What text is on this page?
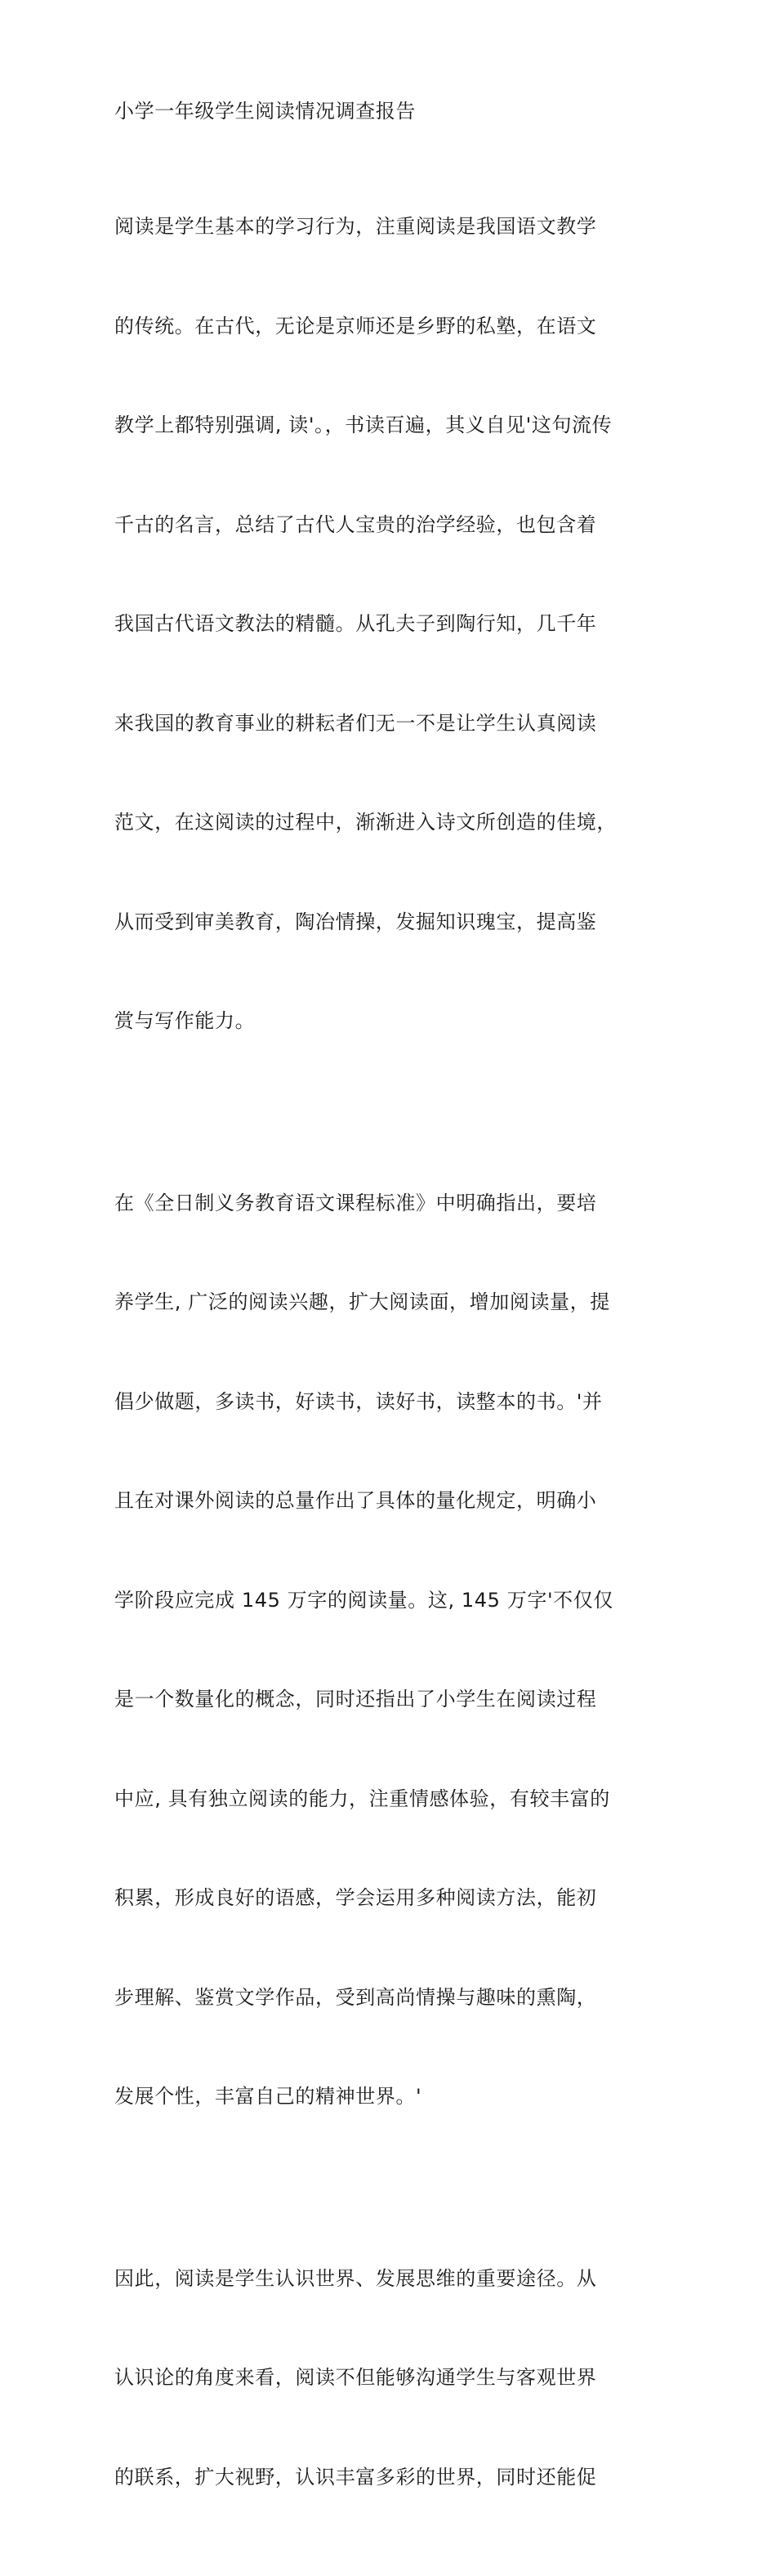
小学一年级学生阅读情况调查报告

阅读是学生基本的学习行为，注重阅读是我国语文教学

的传统。在古代，无论是京师还是乡野的私塾，在语文

教学上都特别强调, 读'。，书读百遍，其义自见'这句流传

千古的名言，总结了古代人宝贵的治学经验，也包含着

我国古代语文教法的精髓。从孔夫子到陶行知，几千年

来我国的教育事业的耕耘者们无一不是让学生认真阅读

范文，在这阅读的过程中，渐渐进入诗文所创造的佳境，

从而受到审美教育，陶冶情操，发掘知识瑰宝，提高鉴

赏与写作能力。

在《全日制义务教育语文课程标准》中明确指出，要培

养学生, 广泛的阅读兴趣，扩大阅读面，增加阅读量，提

倡少做题，多读书，好读书，读好书，读整本的书。'并

且在对课外阅读的总量作出了具体的量化规定，明确小

学阶段应完成 145 万字的阅读量。这, 145 万字'不仅仅

是一个数量化的概念，同时还指出了小学生在阅读过程

中应, 具有独立阅读的能力，注重情感体验，有较丰富的

积累，形成良好的语感，学会运用多种阅读方法，能初

步理解、鉴赏文学作品，受到高尚情操与趣味的熏陶，

发展个性，丰富自己的精神世界。'

因此，阅读是学生认识世界、发展思维的重要途径。从

认识论的角度来看，阅读不但能够沟通学生与客观世界

的联系，扩大视野，认识丰富多彩的世界，同时还能促
